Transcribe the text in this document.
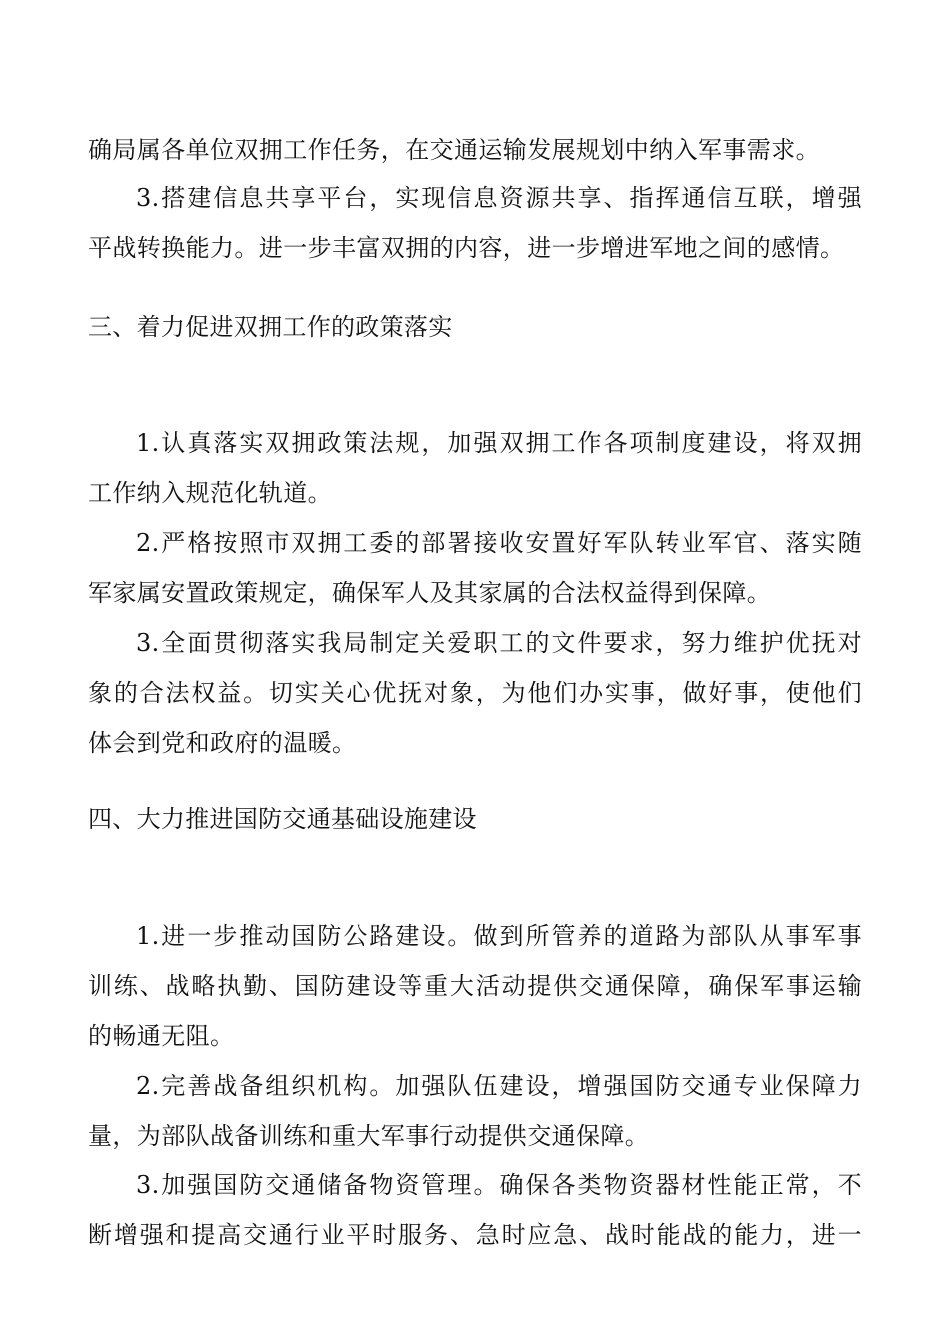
确局属各单位双拥工作任务，在交通运输发展规划中纳入军事需求。
3.搭建信息共享平台，实现信息资源共享、指挥通信互联，增强
平战转换能力。进一步丰富双拥的内容，进一步增进军地之间的感情。
三、着力促进双拥工作的政策落实
1.认真落实双拥政策法规，加强双拥工作各项制度建设，将双拥
工作纳入规范化轨道。
2.严格按照市双拥工委的部署接收安置好军队转业军官、落实随
军家属安置政策规定，确保军人及其家属的合法权益得到保障。
3.全面贯彻落实我局制定关爱职工的文件要求，努力维护优抚对
象的合法权益。切实关心优抚对象，为他们办实事，做好事，使他们
体会到党和政府的温暖。
四、大力推进国防交通基础设施建设
1.进一步推动国防公路建设。做到所管养的道路为部队从事军事
训练、战略执勤、国防建设等重大活动提供交通保障，确保军事运输
的畅通无阻。
2.完善战备组织机构。加强队伍建设，增强国防交通专业保障力
量，为部队战备训练和重大军事行动提供交通保障。
3.加强国防交通储备物资管理。确保各类物资器材性能正常，不
断增强和提高交通行业平时服务、急时应急、战时能战的能力，进一
